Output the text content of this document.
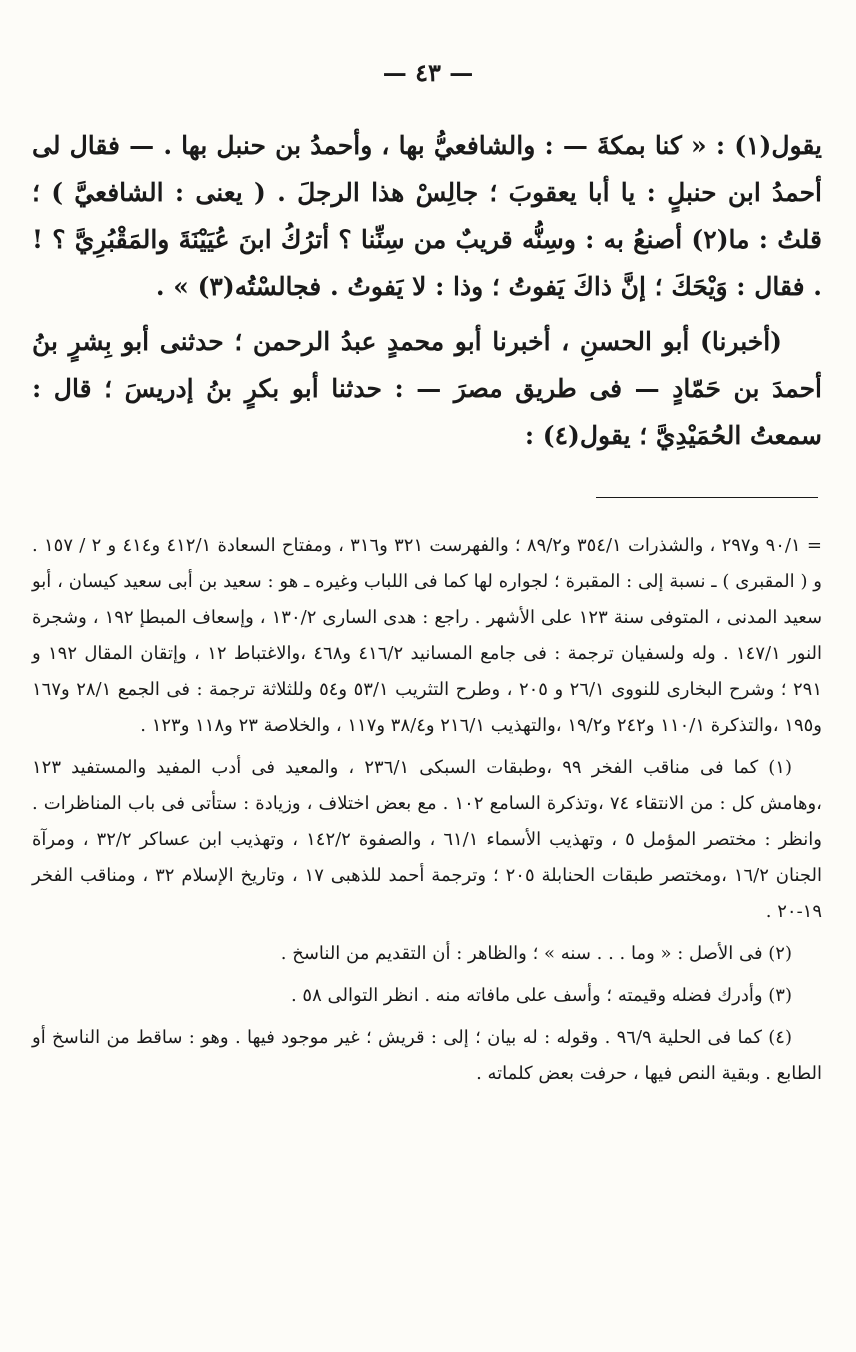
— ٤٣ —

يقول(١) : « كنا بمكةَ — : والشافعيُّ بها ، وأحمدُ بن حنبل بها . — فقال لى أحمدُ ابن حنبلٍ : يا أبا يعقوبَ ؛ جالِسْ هذا الرجلَ . ( يعنى : الشافعيَّ ) ؛ قلتُ : ما(٢) أصنعُ به : وسِنُّه قريبٌ من سِنِّنا ؟ أترُكُ ابنَ عُيَيْنَةَ والمَقْبُرِيَّ ؟ ! . فقال : وَيْحَكَ ؛ إنَّ ذاكَ يَفوتُ ؛ وذا : لا يَفوتُ . فجالسْتُه(٣) » .

(أخبرنا) أبو الحسنِ ، أخبرنا أبو محمدٍ عبدُ الرحمن ؛ حدثنى أبو بِشرٍ بنُ أحمدَ بن حَمّادٍ — فى طريق مصرَ — : حدثنا أبو بكرٍ بنُ إدريسَ ؛ قال : سمعتُ الحُمَيْدِيَّ ؛ يقول(٤) :

= ٩٠/١ و٢٩٧ ، والشذرات ٣٥٤/١ و٨٩/٢ ؛ والفهرست ٣٢١ و٣١٦ ، ومفتاح السعادة ٤١٢/١ و٤١٤ و ٢ / ١٥٧ . و ( المقبرى ) ـ نسبة إلى : المقبرة ؛ لجواره لها كما فى اللباب وغيره ـ هو : سعيد بن أبى سعيد كيسان ، أبو سعيد المدنى ، المتوفى سنة ١٢٣ على الأشهر . راجع : هدى السارى ١٣٠/٢ ، وإسعاف المبطإ ١٩٢ ، وشجرة النور ١٤٧/١ . وله ولسفيان ترجمة : فى جامع المسانيد ٤١٦/٢ و٤٦٨ ،والاغتباط ١٢ ، وإتقان المقال ١٩٢ و ٢٩١ ؛ وشرح البخارى للنووى ٢٦/١ و ٢٠٥ ، وطرح التثريب ٥٣/١ و٥٤ وللثلاثة ترجمة : فى الجمع ٢٨/١ و١٦٧ و١٩٥ ،والتذكرة ١١٠/١ و٢٤٢ و١٩/٢ ،والتهذيب ٢١٦/١ و٣٨/٤ و١١٧ ، والخلاصة ٢٣ و١١٨ و١٢٣ .

(١) كما فى مناقب الفخر ٩٩ ،وطبقات السبكى ٢٣٦/١ ، والمعيد فى أدب المفيد والمستفيد ١٢٣ ،وهامش كل : من الانتقاء ٧٤ ،وتذكرة السامع ١٠٢ . مع بعض اختلاف ، وزيادة : ستأتى فى باب المناظرات . وانظر : مختصر المؤمل ٥ ، وتهذيب الأسماء ٦١/١ ، والصفوة ١٤٢/٢ ، وتهذيب ابن عساكر ٣٢/٢ ، ومرآة الجنان ١٦/٢ ،ومختصر طبقات الحنابلة ٢٠٥ ؛ وترجمة أحمد للذهبى ١٧ ، وتاريخ الإسلام ٣٢ ، ومناقب الفخر ١٩-٢٠ .

(٢) فى الأصل : « وما . . . سنه » ؛ والظاهر : أن التقديم من الناسخ .

(٣) وأدرك فضله وقيمته ؛ وأسف على مافاته منه . انظر التوالى ٥٨ .

(٤) كما فى الحلية ٩٦/٩ . وقوله : له بيان ؛ إلى : قريش ؛ غير موجود فيها . وهو : ساقط من الناسخ أو الطابع . وبقية النص فيها ، حرفت بعض كلماته .
